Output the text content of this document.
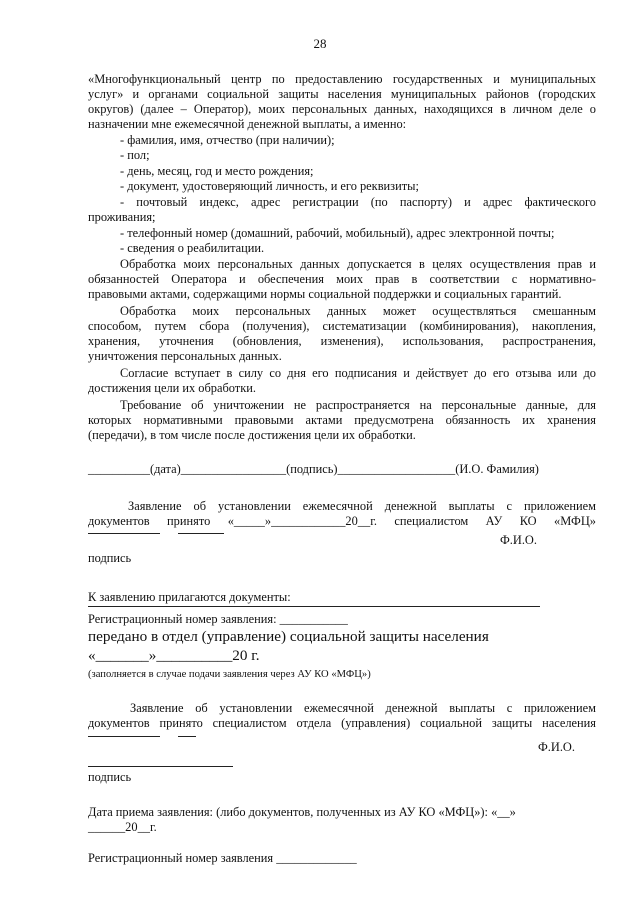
28
«Многофункциональный центр по предоставлению государственных и муниципальных
услуг» и органами социальной защиты населения муниципальных районов (городских
округов) (далее – Оператор), моих персональных данных, находящихся в личном деле о
назначении мне ежемесячной денежной выплаты, а именно:
- фамилия, имя, отчество (при наличии);
- пол;
- день, месяц, год и место рождения;
- документ, удостоверяющий личность, и его реквизиты;
- почтовый индекс, адрес регистрации (по паспорту) и адрес фактического
проживания;
- телефонный номер (домашний, рабочий, мобильный), адрес электронной почты;
- сведения о реабилитации.
Обработка моих персональных данных допускается в целях осуществления прав и
обязанностей Оператора и обеспечения моих прав в соответствии с нормативно-
правовыми актами, содержащими нормы социальной поддержки и социальных гарантий.
Обработка моих персональных данных может осуществляться смешанным
способом, путем сбора (получения), систематизации (комбинирования), накопления,
хранения, уточнения (обновления, изменения), использования, распространения,
уничтожения персональных данных.
Согласие вступает в силу со дня его подписания и действует до его отзыва или до
достижения цели их обработки.
Требование об уничтожении не распространяется на персональные данные, для
которых нормативными правовыми актами предусмотрена обязанность их хранения
(передачи), в том числе после достижения цели их обработки.
__________(дата)_________________(подпись)___________________(И.О. Фамилия)
Заявление об установлении ежемесячной денежной выплаты с приложением
документов принято «_____»____________20__г. специалистом АУ КО «МФЦ»
Ф.И.О.
подпись
К заявлению прилагаются документы:
Регистрационный номер заявления: ___________
передано в отдел (управление) социальной защиты населения
«_______»__________20 г.
(заполняется в случае подачи заявления через АУ КО «МФЦ»)
Заявление об установлении ежемесячной денежной выплаты с приложением
документов принято специалистом отдела (управления) социальной защиты населения
Ф.И.О.
подпись
Дата приема заявления: (либо документов, полученных из АУ КО «МФЦ»): «__»
______20__г.
Регистрационный номер заявления _____________
